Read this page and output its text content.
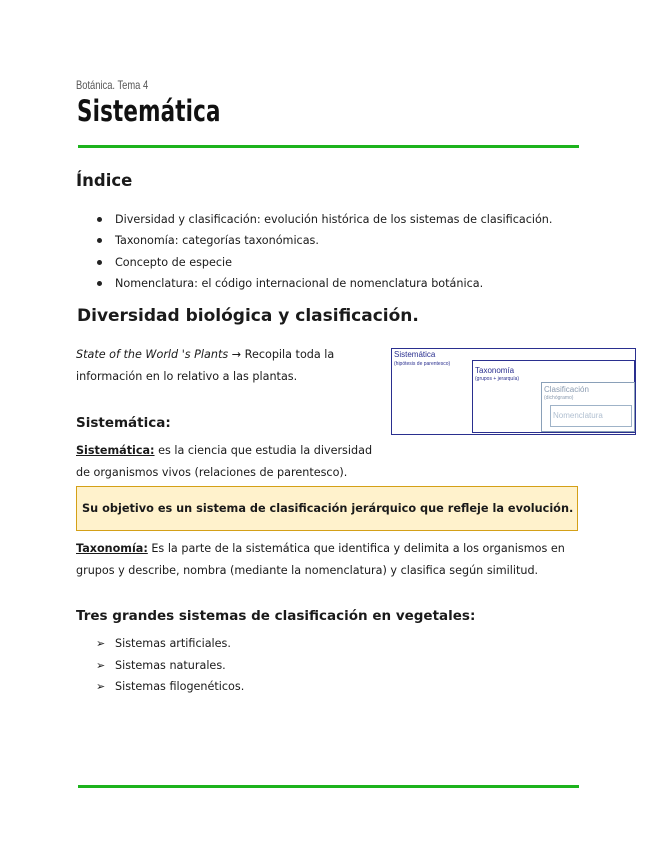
Botánica. Tema 4
Sistemática
Índice
Diversidad y clasificación: evolución histórica de los sistemas de clasificación.
Taxonomía: categorías taxonómicas.
Concepto de especie
Nomenclatura: el código internacional de nomenclatura botánica.
Diversidad biológica y clasificación.
State of the World 's Plants → Recopila toda la información en lo relativo a las plantas.
Sistemática
(hipótesis de parentesco)
Taxonomía
(grupos + jerarquía)
Clasificación
(dichógramo)
Nomenclatura
Sistemática:
Sistemática: es la ciencia que estudia la diversidad de organismos vivos (relaciones de parentesco).
Su objetivo es un sistema de clasificación jerárquico que refleje la evolución.
Taxonomía: Es la parte de la sistemática que identifica y delimita a los organismos en grupos y describe, nombra (mediante la nomenclatura) y clasifica según similitud.
Tres grandes sistemas de clasificación en vegetales:
➢ Sistemas artificiales.
➢ Sistemas naturales.
➢ Sistemas filogenéticos.
